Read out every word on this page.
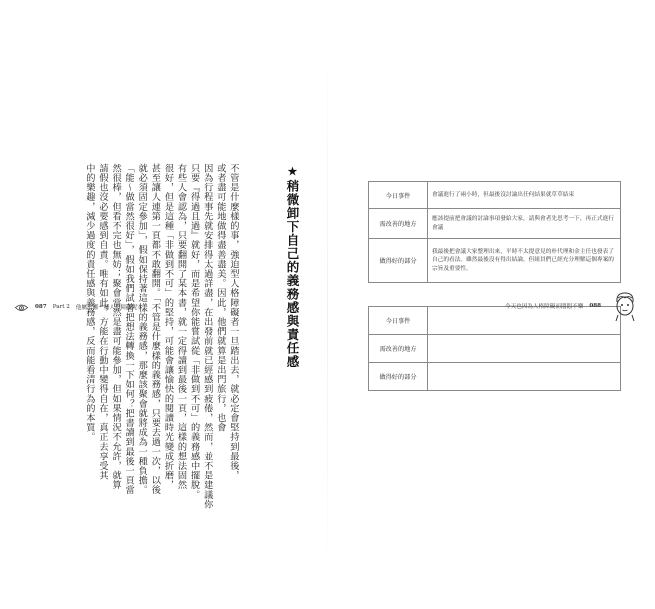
★稍微卸下自己的義務感與責任感

不管是什麼樣的事，強迫型人格障礙者一旦踏出去，就必定會堅持到最後，
或者盡可能地做得盡善盡美。因此，他們就算是出門旅行，也會
因為行程事先就安排得太過詳盡，在出發前就已經感到疲倦，然而，並不是建議你
只要『得過且過』就好，而是希望你能嘗試從「非做到不可」的義務感中擺脫。
有些人會認為，只要翻開了某本書，就一定得讀到最後一頁，這樣的想法固然
很好，但是這種「非做到不可」的堅持，可能會讓愉快的閱讀時光變成折磨，
甚至讓人連第一頁都不敢翻開。「不管是什麼樣的義務感，只要去過一次，以後
就必須固定參加」，假如保持著這樣的義務感，那麼該聚會就將成為一種負擔。
「能～做當然很好」，假如我們試著把想法轉換一下如何？把書讀到最後一頁當
然很棒，但看不完也無妨；聚會當然是盡可能參加，但如果情況不允許，就算
請假也沒必要感到自責。唯有如此，方能在行動中變得自在，真正去享受其
中的樂趣，減少過度的責任感與義務感，反而能看清行為的本質。

087 Part 2 他屬於哪一種人格障礙呢？
今日事件	會議進行了兩小時，但最後沒討論出任何結果就草草結束
需改善的地方	應該提前把會議的討論事項發給大家，請與會者先思考一下，再正式進行會議
做得好的部分	我最後把會議大家整理出來，平時不太提意見的朴代理和金主任也發表了自己的看法。雖然最後沒有得出結論，但組員們已經充分理解這個專案的宗旨及重要性。
今日事件	
需改善的地方	
做得好的部分	
今天也因為人格障礙而悶悶不樂 088
